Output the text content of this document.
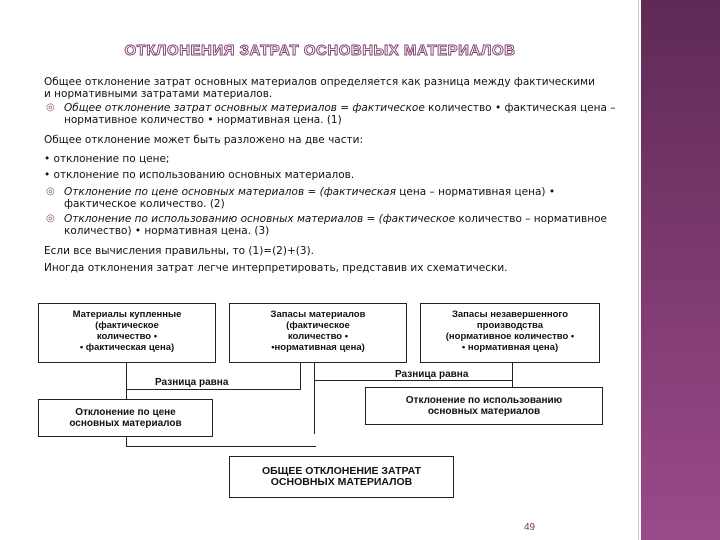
ОТКЛОНЕНИЯ ЗАТРАТ ОСНОВНЫХ МАТЕРИАЛОВ
Общее отклонение затрат основных материалов определяется как разница между фактическими и нормативными затратами материалов.
◎ Общее отклонение затрат основных материалов = фактическое количество • фактическая цена – нормативное количество • нормативная цена. (1)
Общее отклонение может быть разложено на две части:
• отклонение по цене;
• отклонение по использованию основных материалов.
◎ Отклонение по цене основных материалов = (фактическая цена – нормативная цена) • фактическое количество. (2)
◎ Отклонение по использованию основных материалов = (фактическое количество – нормативное количество) • нормативная цена. (3)
Если все вычисления правильны, то (1)=(2)+(3).
Иногда отклонения затрат легче интерпретировать, представив их схематически.
Материалы купленные
(фактическое
количество •
• фактическая цена)
Запасы материалов
(фактическое
количество •
•нормативная цена)
Запасы незавершенного
производства
(нормативное количество •
• нормативная цена)
Разница равна
Разница равна
Отклонение по цене
основных материалов
Отклонение по использованию
основных материалов
ОБЩЕЕ ОТКЛОНЕНИЕ ЗАТРАТ
ОСНОВНЫХ МАТЕРИАЛОВ
49
